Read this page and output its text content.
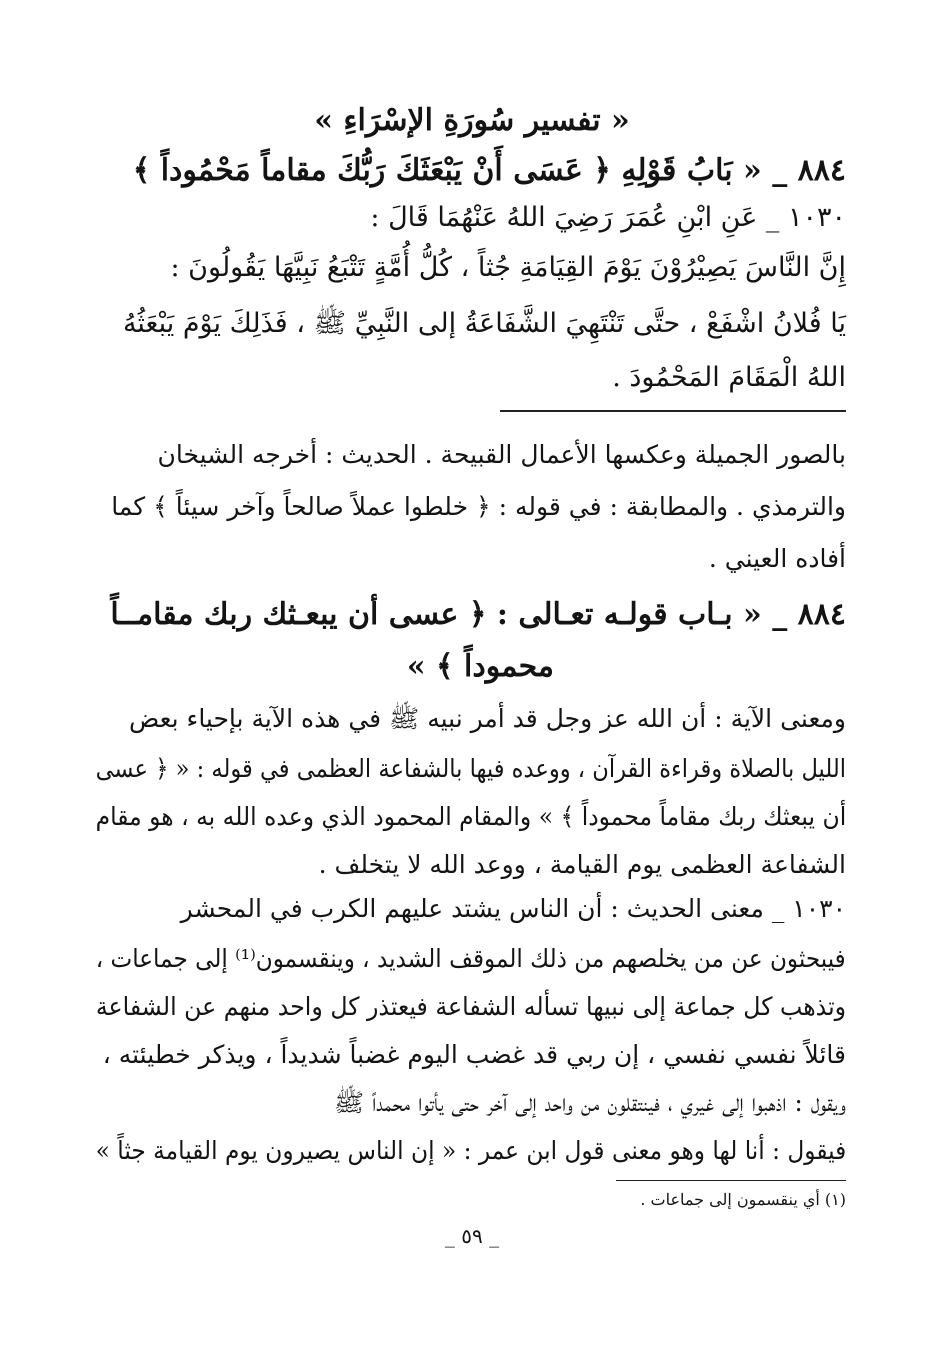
« تفسير سُورَةِ الإسْرَاءِ »
٨٨٤ _ « بَابُ قَوْلِهِ ﴿ عَسَى أَنْ يَبْعَثَكَ رَبُّكَ مقاماً مَحْمُوداً ﴾
١٠٣٠ _ عَنِ ابْنِ عُمَرَ رَضِيَ اللهُ عَنْهُمَا قَالَ :
إِنَّ النَّاسَ يَصِيْرُوْنَ يَوْمَ القِيَامَةِ جُثاً ، كُلُّ أُمَّةٍ تَتْبَعُ نَبِيَّهَا يَقُولُونَ :
يَا فُلانُ اشْفَعْ ، حتَّى تَنْتَهِيَ الشَّفَاعَةُ إلى النَّبِيِّ ﷺ ، فَذَلِكَ يَوْمَ يَبْعَثُهُ
اللهُ الْمَقَامَ المَحْمُودَ .
بالصور الجميلة وعكسها الأعمال القبيحة . الحديث : أخرجه الشيخان
والترمذي . والمطابقة : في قوله : ﴿ خلطوا عملاً صالحاً وآخر سيئاً ﴾ كما
أفاده العيني .
٨٨٤ _ « بـاب قولـه تعـالى : ﴿ عسى أن يبعـثك ربك مقامــاً
محموداً ﴾ »
ومعنى الآية : أن الله عز وجل قد أمر نبيه ﷺ في هذه الآية بإحياء بعض
الليل بالصلاة وقراءة القرآن ، ووعده فيها بالشفاعة العظمى في قوله : « ﴿ عسى
أن يبعثك ربك مقاماً محموداً ﴾ » والمقام المحمود الذي وعده الله به ، هو مقام
الشفاعة العظمى يوم القيامة ، ووعد الله لا يتخلف .
١٠٣٠ _ معنى الحديث : أن الناس يشتد عليهم الكرب في المحشر
فيبحثون عن من يخلصهم من ذلك الموقف الشديد ، وينقسمون⁽¹⁾ إلى جماعات ،
وتذهب كل جماعة إلى نبيها تسأله الشفاعة فيعتذر كل واحد منهم عن الشفاعة
قائلاً نفسي نفسي ، إن ربي قد غضب اليوم غضباً شديداً ، ويذكر خطيئته ،
ويقول : اذهبوا إلى غيري ، فينتقلون من واحد إلى آخر حتى يأتوا محمداً ﷺ
فيقول : أنا لها وهو معنى قول ابن عمر : « إن الناس يصيرون يوم القيامة جثاً »
(١) أي ينقسمون إلى جماعات .
_ ٥٩ _
